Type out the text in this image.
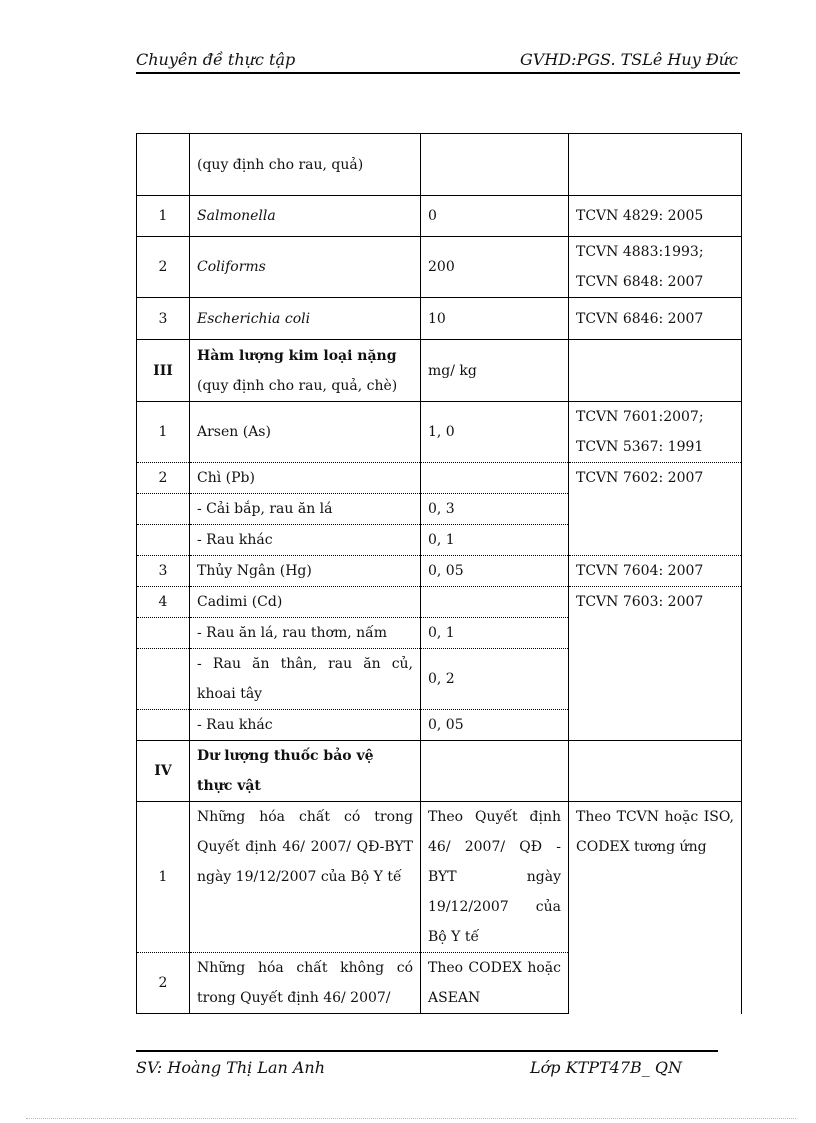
Chuyên đề thực tập	GVHD:PGS. TSLê Huy Đức
	(quy định cho rau, quả)		
1	Salmonella	0	TCVN 4829: 2005
2	Coliforms	200	TCVN 4883:1993;
TCVN 6848: 2007

3	Escherichia coli	10	TCVN 6846: 2007
III	Hàm lượng kim loại nặng
(quy định cho rau, quả, chè)	mg/ kg	
1	Arsen (As)	1, 0	TCVN 7601:2007;
TCVN 5367: 1991

2	Chì (Pb)		TCVN 7602: 2007
	- Cải bắp, rau ăn lá	0, 3	
	- Rau khác	0, 1	
3	Thủy Ngân (Hg)	0, 05	TCVN 7604: 2007
4	Cadimi (Cd)		TCVN 7603: 2007
	- Rau ăn lá, rau thơm, nấm	0, 1	
	- Rau ăn thân, rau ăn củ, khoai tây	0, 2	
	- Rau khác	0, 05	
IV	Dư lượng thuốc bảo vệ thực vật		
1	Những hóa chất có trong Quyết định 46/ 2007/ QĐ-BYT ngày 19/12/2007 của Bộ Y tế	Theo Quyết định 46/ 2007/ QĐ - BYT ngày 19/12/2007 của Bộ Y tế	Theo TCVN hoặc ISO, CODEX tương ứng
2	Những hóa chất không có trong Quyết định 46/ 2007/	Theo CODEX hoặc ASEAN	
SV: Hoàng Thị Lan Anh	Lớp KTPT47B_ QN
